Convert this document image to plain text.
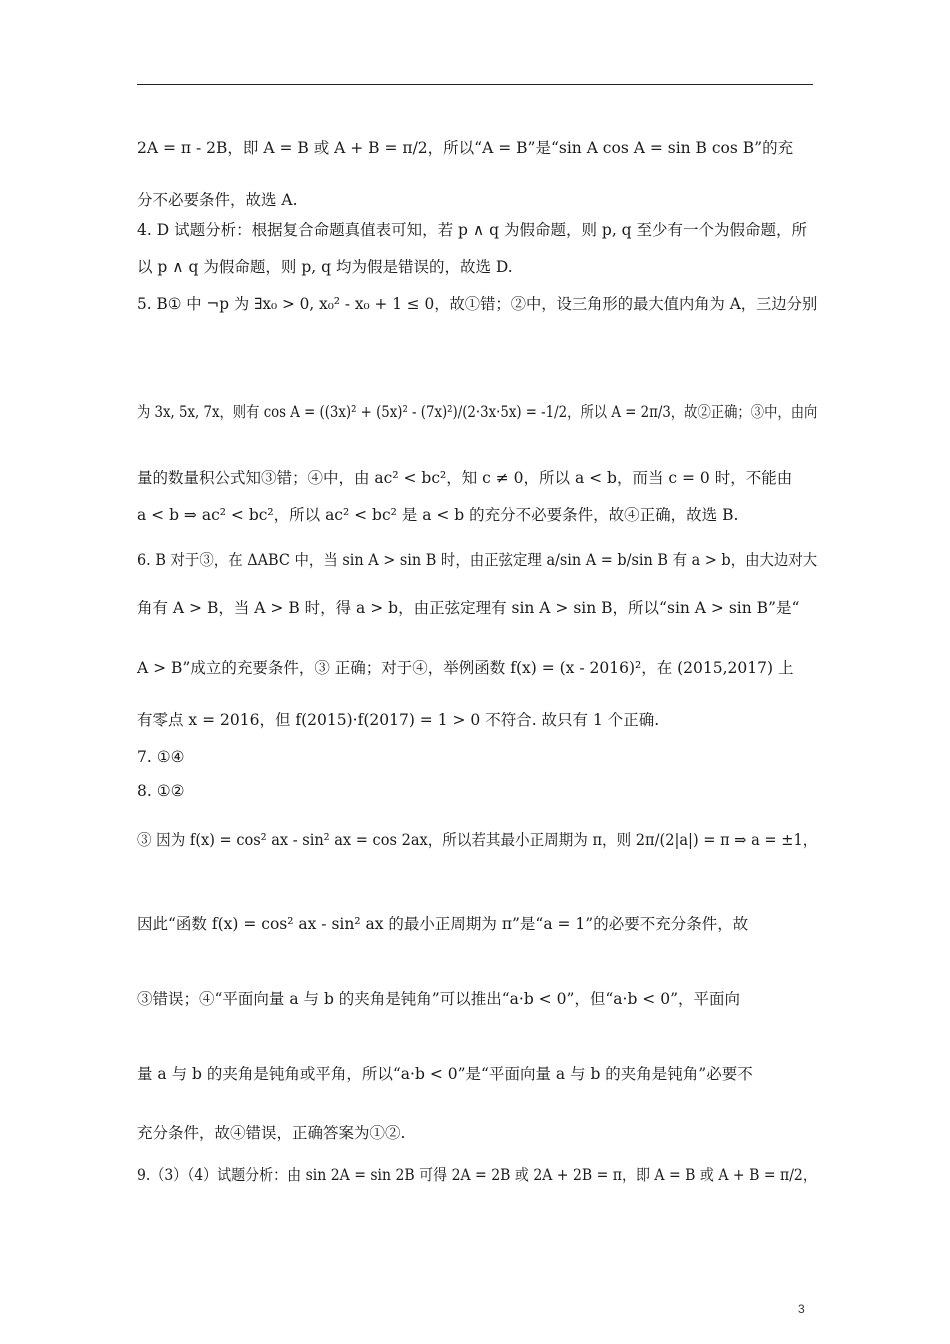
2A = π - 2B，即 A = B 或 A + B = π/2，所以“A = B”是“sin A cos A = sin B cos B”的充
分不必要条件，故选 A.
4. D 试题分析：根据复合命题真值表可知，若 p ∧ q 为假命题，则 p, q 至少有一个为假命题，所
以 p ∧ q 为假命题，则 p, q 均为假是错误的，故选 D.
5. B① 中 ¬p 为 ∃x₀ > 0, x₀² - x₀ + 1 ≤ 0，故①错；②中，设三角形的最大值内角为 A，三边分别
为 3x, 5x, 7x，则有 cos A = ((3x)² + (5x)² - (7x)²)/(2·3x·5x) = -1/2，所以 A = 2π/3，故②正确；③中，由向
量的数量积公式知③错；④中，由 ac² < bc²，知 c ≠ 0，所以 a < b，而当 c = 0 时，不能由
a < b ⇒ ac² < bc²，所以 ac² < bc² 是 a < b 的充分不必要条件，故④正确，故选 B.
6. B 对于③，在 ΔABC 中，当 sin A > sin B 时，由正弦定理 a/sin A = b/sin B 有 a > b，由大边对大
角有 A > B，当 A > B 时，得 a > b，由正弦定理有 sin A > sin B，所以“sin A > sin B”是“
A > B”成立的充要条件，③ 正确；对于④，举例函数 f(x) = (x - 2016)²，在 (2015,2017) 上
有零点 x = 2016，但 f(2015)·f(2017) = 1 > 0 不符合. 故只有 1 个正确.
7. ①④
8. ①②
③ 因为 f(x) = cos² ax - sin² ax = cos 2ax，所以若其最小正周期为 π，则 2π/(2|a|) = π ⇒ a = ±1，
因此“函数 f(x) = cos² ax - sin² ax 的最小正周期为 π”是“a = 1”的必要不充分条件，故
③错误；④“平面向量 a 与 b 的夹角是钝角”可以推出“a·b < 0”，但“a·b < 0”，平面向
量 a 与 b 的夹角是钝角或平角，所以“a·b < 0”是“平面向量 a 与 b 的夹角是钝角”必要不
充分条件，故④错误，正确答案为①②.
9.（3）（4）试题分析：由 sin 2A = sin 2B 可得 2A = 2B 或 2A + 2B = π，即 A = B 或 A + B = π/2，
3
